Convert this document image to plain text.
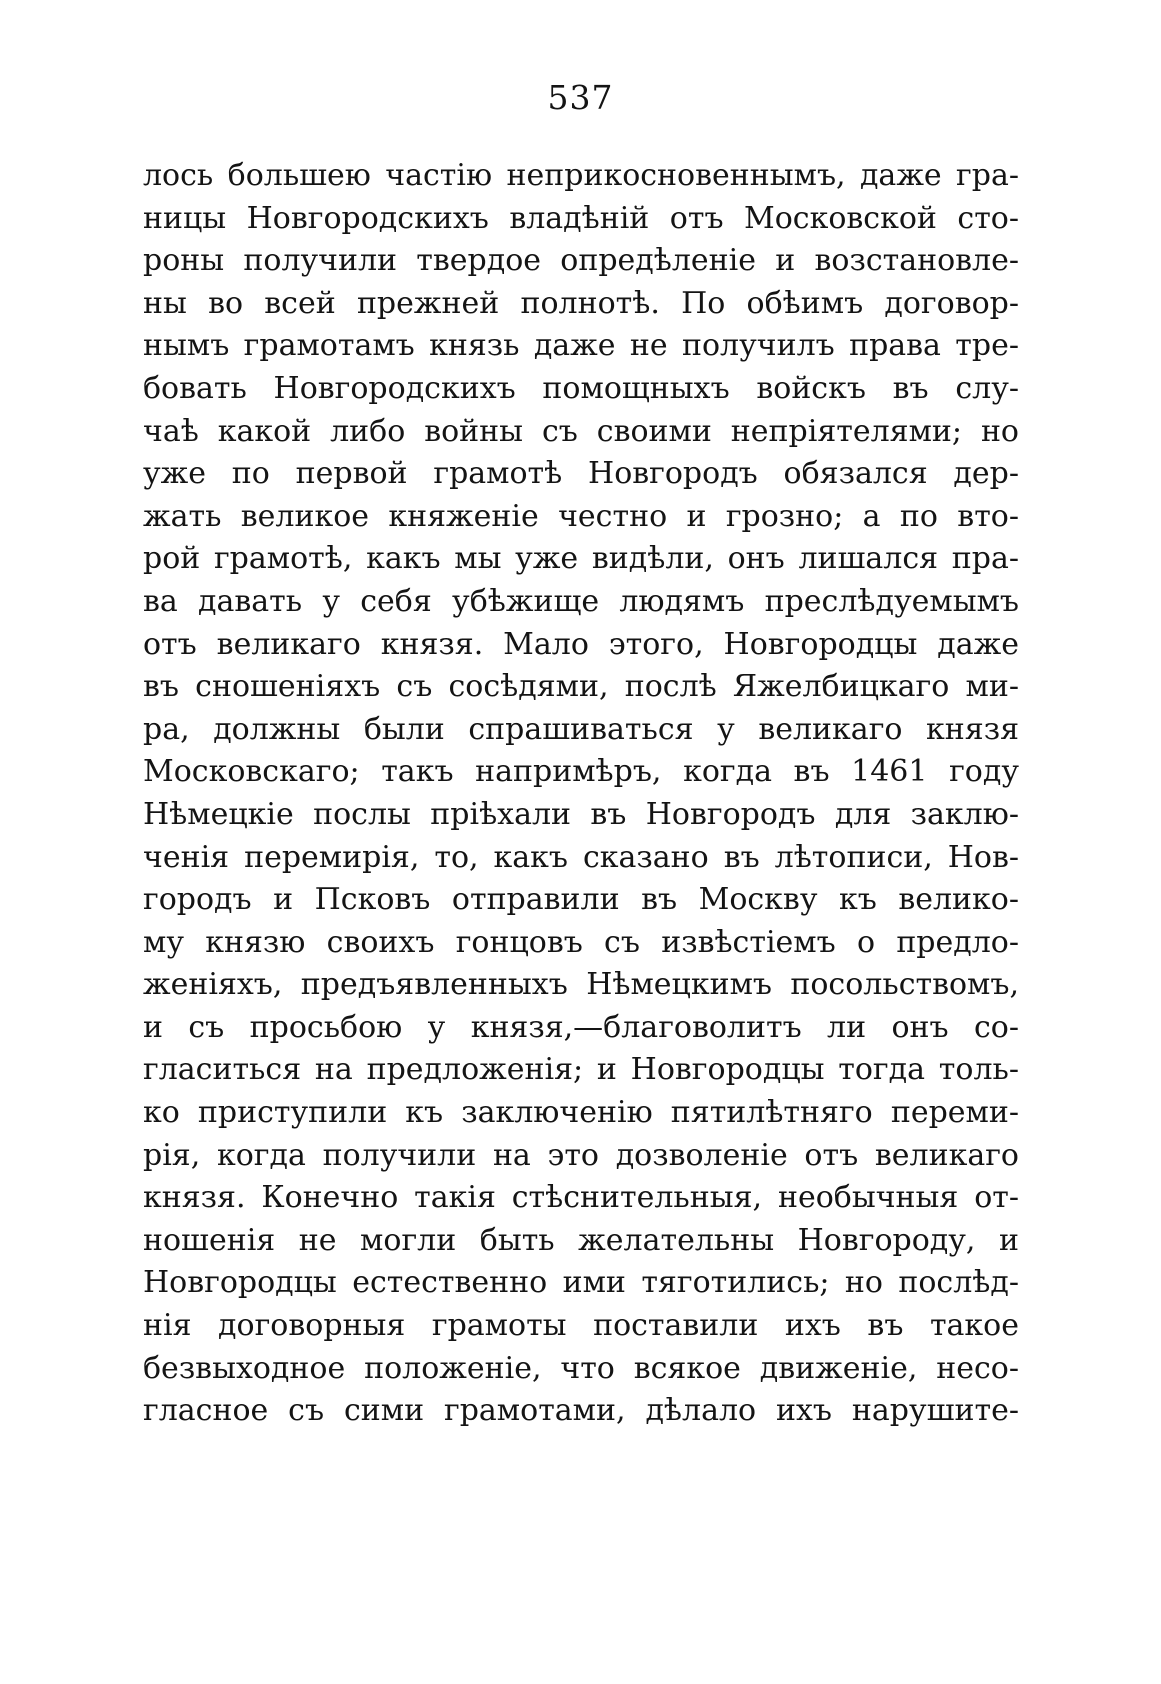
537
лось большею частію неприкосновеннымъ, даже гра-
ницы Новгородскихъ владѣній отъ Московской сто-
роны получили твердое опредѣленіе и возстановле-
ны во всей прежней полнотѣ. По обѣимъ договор-
нымъ грамотамъ князь даже не получилъ права тре-
бовать Новгородскихъ помощныхъ войскъ въ слу-
чаѣ какой либо войны съ своими непріятелями; но
уже по первой грамотѣ Новгородъ обязался дер-
жать великое княженіе честно и грозно; а по вто-
рой грамотѣ, какъ мы уже видѣли, онъ лишался пра-
ва давать у себя убѣжище людямъ преслѣдуемымъ
отъ великаго князя. Мало этого, Новгородцы даже
въ сношеніяхъ съ сосѣдями, послѣ Яжелбицкаго ми-
ра, должны были спрашиваться у великаго князя
Московскаго; такъ напримѣръ, когда въ 1461 году
Нѣмецкіе послы пріѣхали въ Новгородъ для заклю-
ченія перемирія, то, какъ сказано въ лѣтописи, Нов-
городъ и Псковъ отправили въ Москву къ велико-
му князю своихъ гонцовъ съ извѣстіемъ о предло-
женіяхъ, предъявленныхъ Нѣмецкимъ посольствомъ,
и съ просьбою у князя,—благоволитъ ли онъ со-
гласиться на предложенія; и Новгородцы тогда толь-
ко приступили къ заключенію пятилѣтняго переми-
рія, когда получили на это дозволеніе отъ великаго
князя. Конечно такія стѣснительныя, необычныя от-
ношенія не могли быть желательны Новгороду, и
Новгородцы естественно ими тяготились; но послѣд-
нія договорныя грамоты поставили ихъ въ такое
безвыходное положеніе, что всякое движеніе, несо-
гласное съ сими грамотами, дѣлало ихъ нарушите-
